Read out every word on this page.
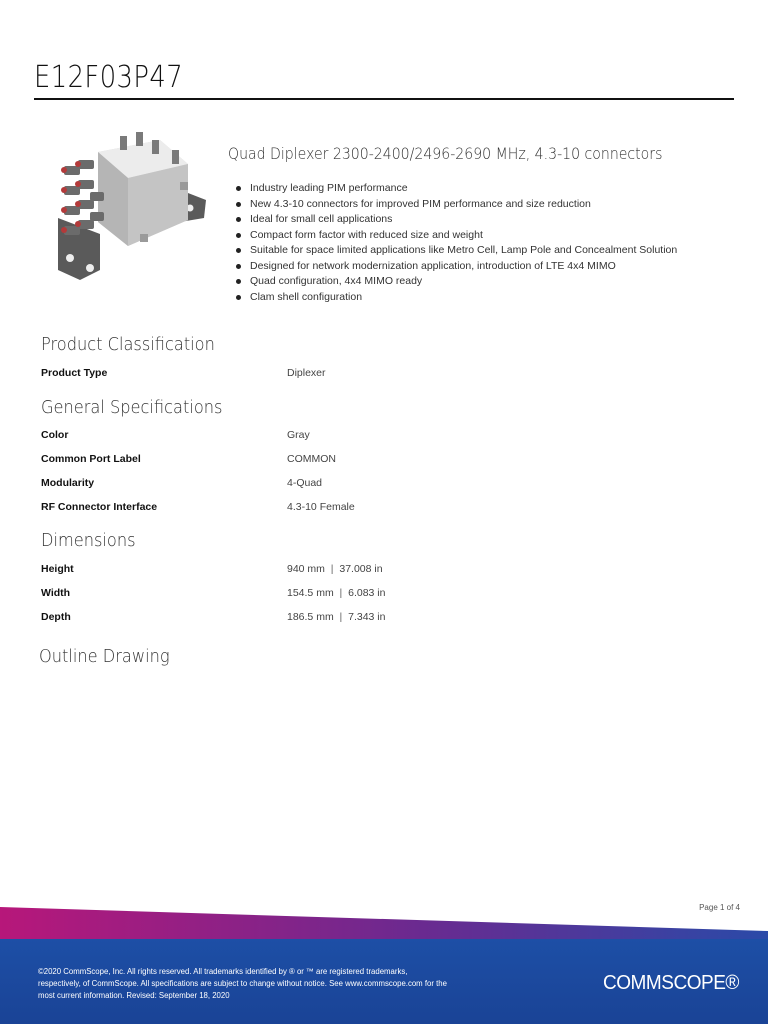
E12F03P47
Quad Diplexer 2300-2400/2496-2690 MHz, 4.3-10 connectors
Industry leading PIM performance
New 4.3-10 connectors for improved PIM performance and size reduction
Ideal for small cell applications
Compact form factor with reduced size and weight
Suitable for space limited applications like Metro Cell, Lamp Pole and Concealment Solution
Designed for network modernization application, introduction of LTE 4x4 MIMO
Quad configuration, 4x4 MIMO ready
Clam shell configuration
Product Classification
Product Type	Diplexer
General Specifications
Color	Gray
Common Port Label	COMMON
Modularity	4-Quad
RF Connector Interface	4.3-10 Female
Dimensions
Height	940 mm | 37.008 in
Width	154.5 mm | 6.083 in
Depth	186.5 mm | 7.343 in
Outline Drawing
Page 1 of 4
©2020 CommScope, Inc. All rights reserved. All trademarks identified by ® or ™ are registered trademarks,
respectively, of CommScope. All specifications are subject to change without notice. See www.commscope.com for the
most current information. Revised: September 18, 2020
COMMSCOPE®
